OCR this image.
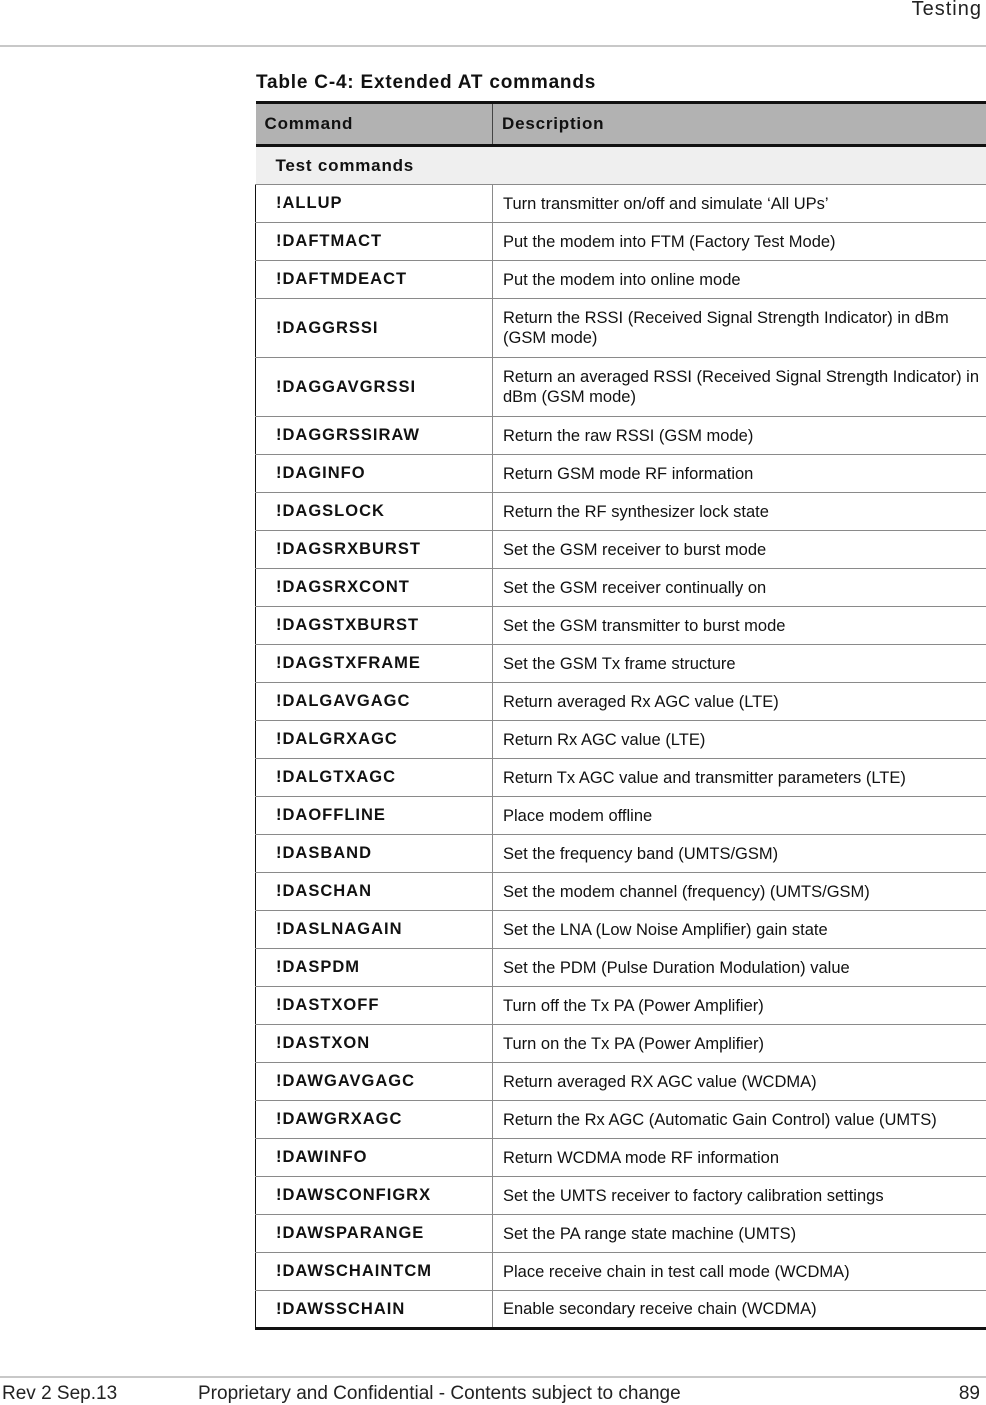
Testing
Table C-4: Extended AT commands
Command	Description
Test commands	
!ALLUP	Turn transmitter on/off and simulate ‘All UPs’
!DAFTMACT	Put the modem into FTM (Factory Test Mode)
!DAFTMDEACT	Put the modem into online mode
!DAGGRSSI	Return the RSSI (Received Signal Strength Indicator) in dBm (GSM mode)
!DAGGAVGRSSI	Return an averaged RSSI (Received Signal Strength Indicator) in dBm (GSM mode)
!DAGGRSSIRAW	Return the raw RSSI (GSM mode)
!DAGINFO	Return GSM mode RF information
!DAGSLOCK	Return the RF synthesizer lock state
!DAGSRXBURST	Set the GSM receiver to burst mode
!DAGSRXCONT	Set the GSM receiver continually on
!DAGSTXBURST	Set the GSM transmitter to burst mode
!DAGSTXFRAME	Set the GSM Tx frame structure
!DALGAVGAGC	Return averaged Rx AGC value (LTE)
!DALGRXAGC	Return Rx AGC value (LTE)
!DALGTXAGC	Return Tx AGC value and transmitter parameters (LTE)
!DAOFFLINE	Place modem offline
!DASBAND	Set the frequency band (UMTS/GSM)
!DASCHAN	Set the modem channel (frequency) (UMTS/GSM)
!DASLNAGAIN	Set the LNA (Low Noise Amplifier) gain state
!DASPDM	Set the PDM (Pulse Duration Modulation) value
!DASTXOFF	Turn off the Tx PA (Power Amplifier)
!DASTXON	Turn on the Tx PA (Power Amplifier)
!DAWGAVGAGC	Return averaged RX AGC value (WCDMA)
!DAWGRXAGC	Return the Rx AGC (Automatic Gain Control) value (UMTS)
!DAWINFO	Return WCDMA mode RF information
!DAWSCONFIGRX	Set the UMTS receiver to factory calibration settings
!DAWSPARANGE	Set the PA range state machine (UMTS)
!DAWSCHAINTCM	Place receive chain in test call mode (WCDMA)
!DAWSSCHAIN	Enable secondary receive chain (WCDMA)
Rev 2 Sep.13	Proprietary and Confidential - Contents subject to change	89
